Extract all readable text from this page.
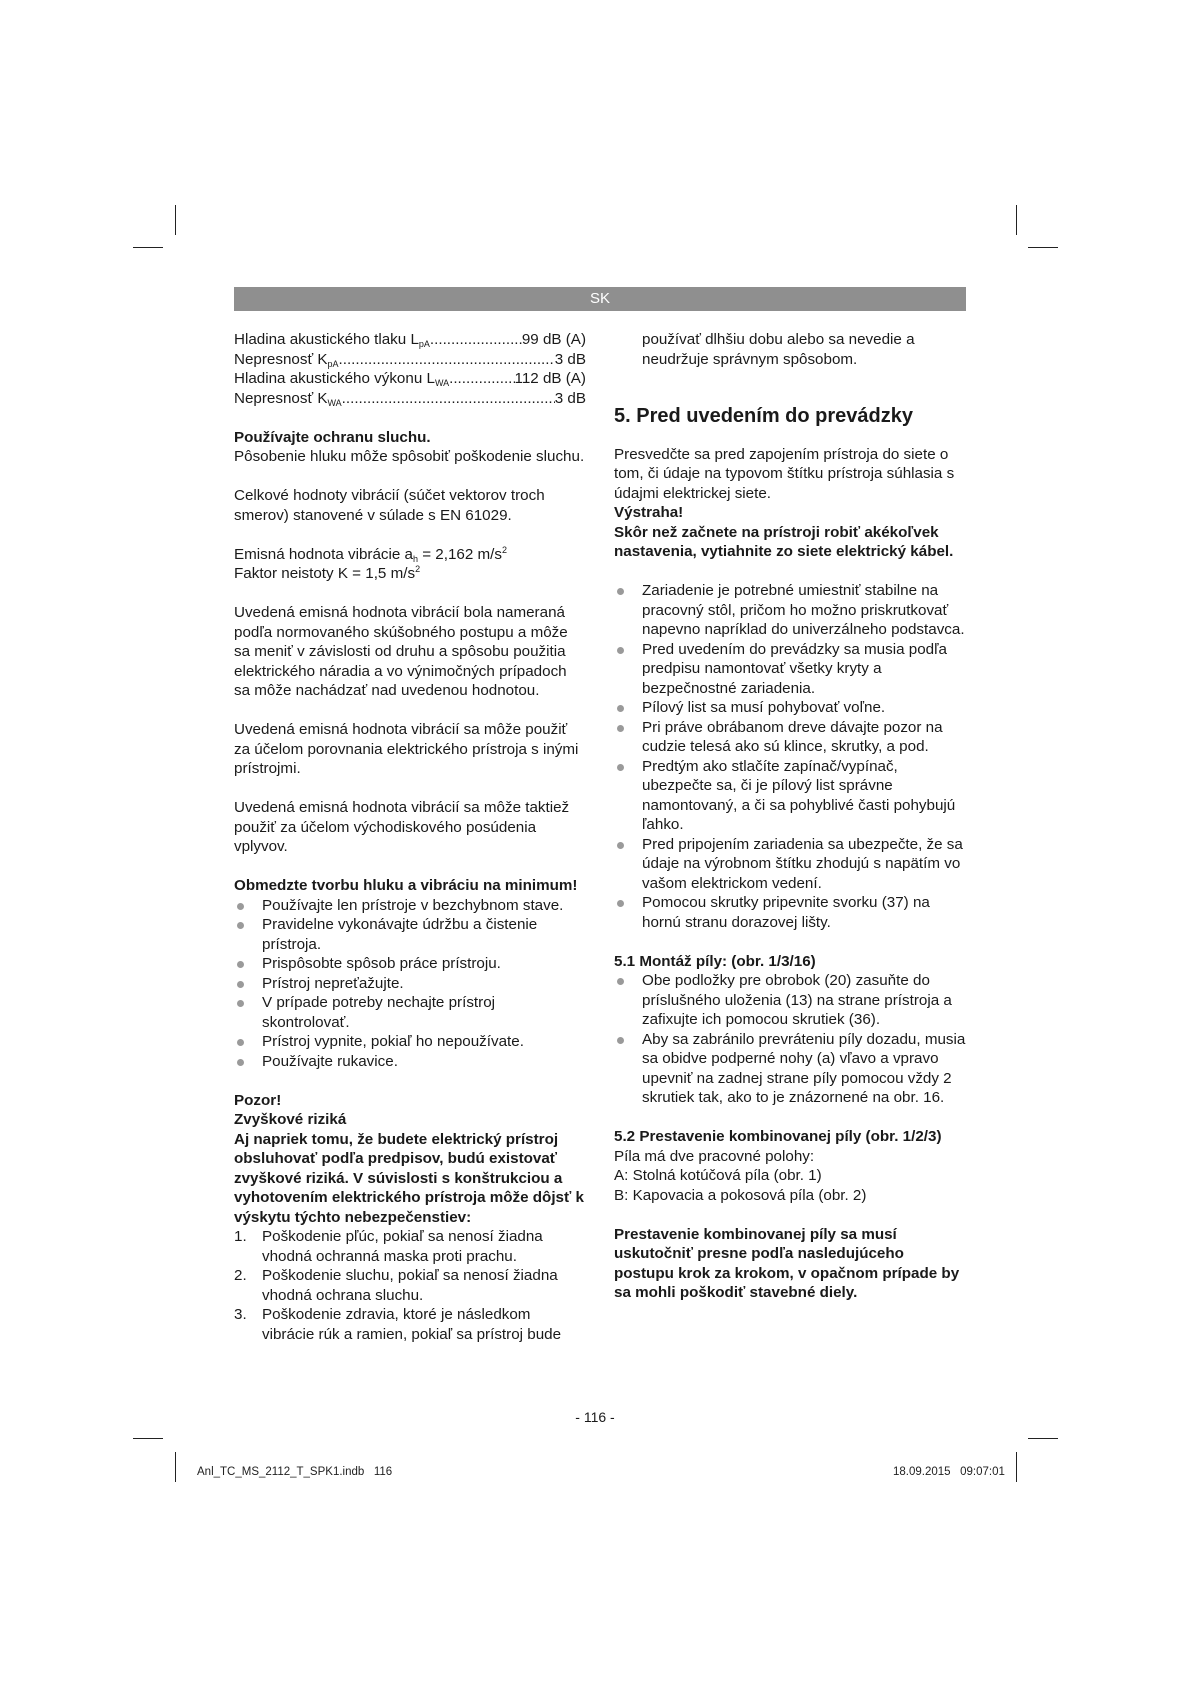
SK
Hladina akustického tlaku $L_{pA}$ .....	99 dB (A)
Nepresnosť $K_{pA}$ .....	3 dB
Hladina akustického výkonu $L_{WA}$ .....	112 dB (A)
Nepresnosť $K_{WA}$ .....	3 dB

Používajte ochranu sluchu.

Pôsobenie hluku môže spôsobiť poškodenie sluchu.

Celkové hodnoty vibrácií (súčet vektorov troch smerov) stanovené v súlade s EN 61029.

Emisná hodnota vibrácie $a_h = 2,162$ $m/s^2$

Faktor neistoty K = 1,5 $m/s^2$

Uvedená emisná hodnota vibrácií bola nameraná podľa normovaného skúšobného postupu a môže sa meniť v závislosti od druhu a spôsobu použitia elektrického náradia a vo výnimočných prípadoch sa môže nachádzať nad uvedenou hodnotou.

Uvedená emisná hodnota vibrácií sa môže použiť za účelom porovnania elektrického prístroja s inými prístrojmi.

Uvedená emisná hodnota vibrácií sa môže taktiež použiť za účelom východiskového posúdenia vplyvov.

Obmedzte tvorbu hluku a vibráciu na minimum!

Používajte len prístroje v bezchybnom stave.
Pravidelne vykonávajte údržbu a čistenie prístroja.
Prispôsobte spôsob práce prístroju.
Prístroj nepreťažujte.
V prípade potreby nechajte prístroj skontrolovať.
Prístroj vypnite, pokiaľ ho nepoužívate.
Používajte rukavice.

Pozor!

Zvyškové riziká

Aj napriek tomu, že budete elektrický prístroj obsluhovať podľa predpisov, budú existovať zvyškové riziká. V súvislosti s konštrukciou a vyhotovením elektrického prístroja môže dôjsť k výskytu týchto nebezpečenstiev:

1. Poškodenie pľúc, pokiaľ sa nenosí žiadna vhodná ochranná maska proti prachu.
2. Poškodenie sluchu, pokiaľ sa nenosí žiadna vhodná ochrana sluchu.
3. Poškodenie zdravia, ktoré je následkom vibrácie rúk a ramien, pokiaľ sa prístroj bude

používať dlhšiu dobu alebo sa nevedie a neudržuje správnym spôsobom.

5. Pred uvedením do prevádzky

Presvedčte sa pred zapojením prístroja do siete o tom, či údaje na typovom štítku prístroja súhlasia s údajmi elektrickej siete.

Výstraha!

Skôr než začnete na prístroji robiť akékoľvek nastavenia, vytiahnite zo siete elektrický kábel.

Zariadenie je potrebné umiestniť stabilne na pracovný stôl, pričom ho možno priskrutkovať napevno napríklad do univerzálneho podstavca.
Pred uvedením do prevádzky sa musia podľa predpisu namontovať všetky kryty a bezpečnostné zariadenia.
Pílový list sa musí pohybovať voľne.
Pri práve obrábanom dreve dávajte pozor na cudzie telesá ako sú klince, skrutky, a pod.
Predtým ako stlačíte zapínač/vypínač, ubezpečte sa, či je pílový list správne namontovaný, a či sa pohyblivé časti pohybujú ľahko.
Pred pripojením zariadenia sa ubezpečte, že sa údaje na výrobnom štítku zhodujú s napätím vo vašom elektrickom vedení.
Pomocou skrutky pripevnite svorku (37) na hornú stranu dorazovej lišty.

5.1 Montáž píly: (obr. 1/3/16)

Obe podložky pre obrobok (20) zasuňte do príslušného uloženia (13) na strane prístroja a zafixujte ich pomocou skrutiek (36).
Aby sa zabránilo prevráteniu píly dozadu, musia sa obidve podperné nohy (a) vľavo a vpravo upevniť na zadnej strane píly pomocou vždy 2 skrutiek tak, ako to je znázornené na obr. 16.

5.2 Prestavenie kombinovanej píly (obr. 1/2/3)

Píla má dve pracovné polohy:

A: Stolná kotúčová píla (obr. 1)

B: Kapovacia a pokosová píla (obr. 2)

Prestavenie kombinovanej píly sa musí uskutočniť presne podľa nasledujúceho postupu krok za krokom, v opačnom prípade by sa mohli poškodiť stavebné diely.

- 116 -
Anl_TC_MS_2112_T_SPK1.indb   116	18.09.2015   09:07:01
